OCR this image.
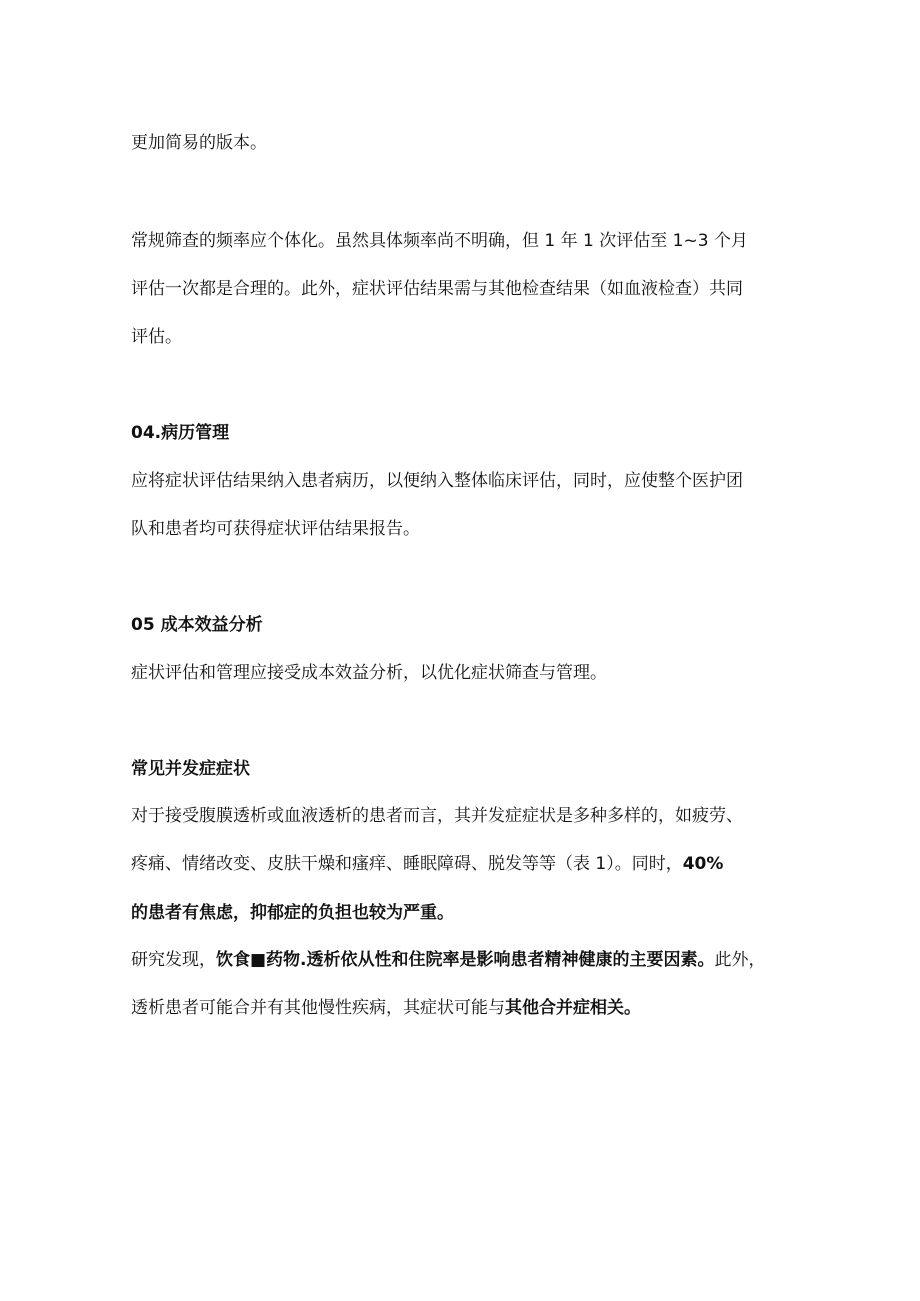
更加简易的版本。

常规筛查的频率应个体化。虽然具体频率尚不明确，但 1 年 1 次评估至 1~3 个月

评估一次都是合理的。此外，症状评估结果需与其他检查结果（如血液检查）共同

评估。

04.病历管理

应将症状评估结果纳入患者病历，以便纳入整体临床评估，同时，应使整个医护团

队和患者均可获得症状评估结果报告。

05 成本效益分析

症状评估和管理应接受成本效益分析，以优化症状筛查与管理。

常见并发症症状

对于接受腹膜透析或血液透析的患者而言，其并发症症状是多种多样的，如疲劳、

疼痛、情绪改变、皮肤干燥和瘙痒、睡眠障碍、脱发等等（表 1）。同时，40%

的患者有焦虑，抑郁症的负担也较为严重。

研究发现，饮食■药物.透析依从性和住院率是影响患者精神健康的主要因素。此外，

透析患者可能合并有其他慢性疾病，其症状可能与其他合并症相关。
